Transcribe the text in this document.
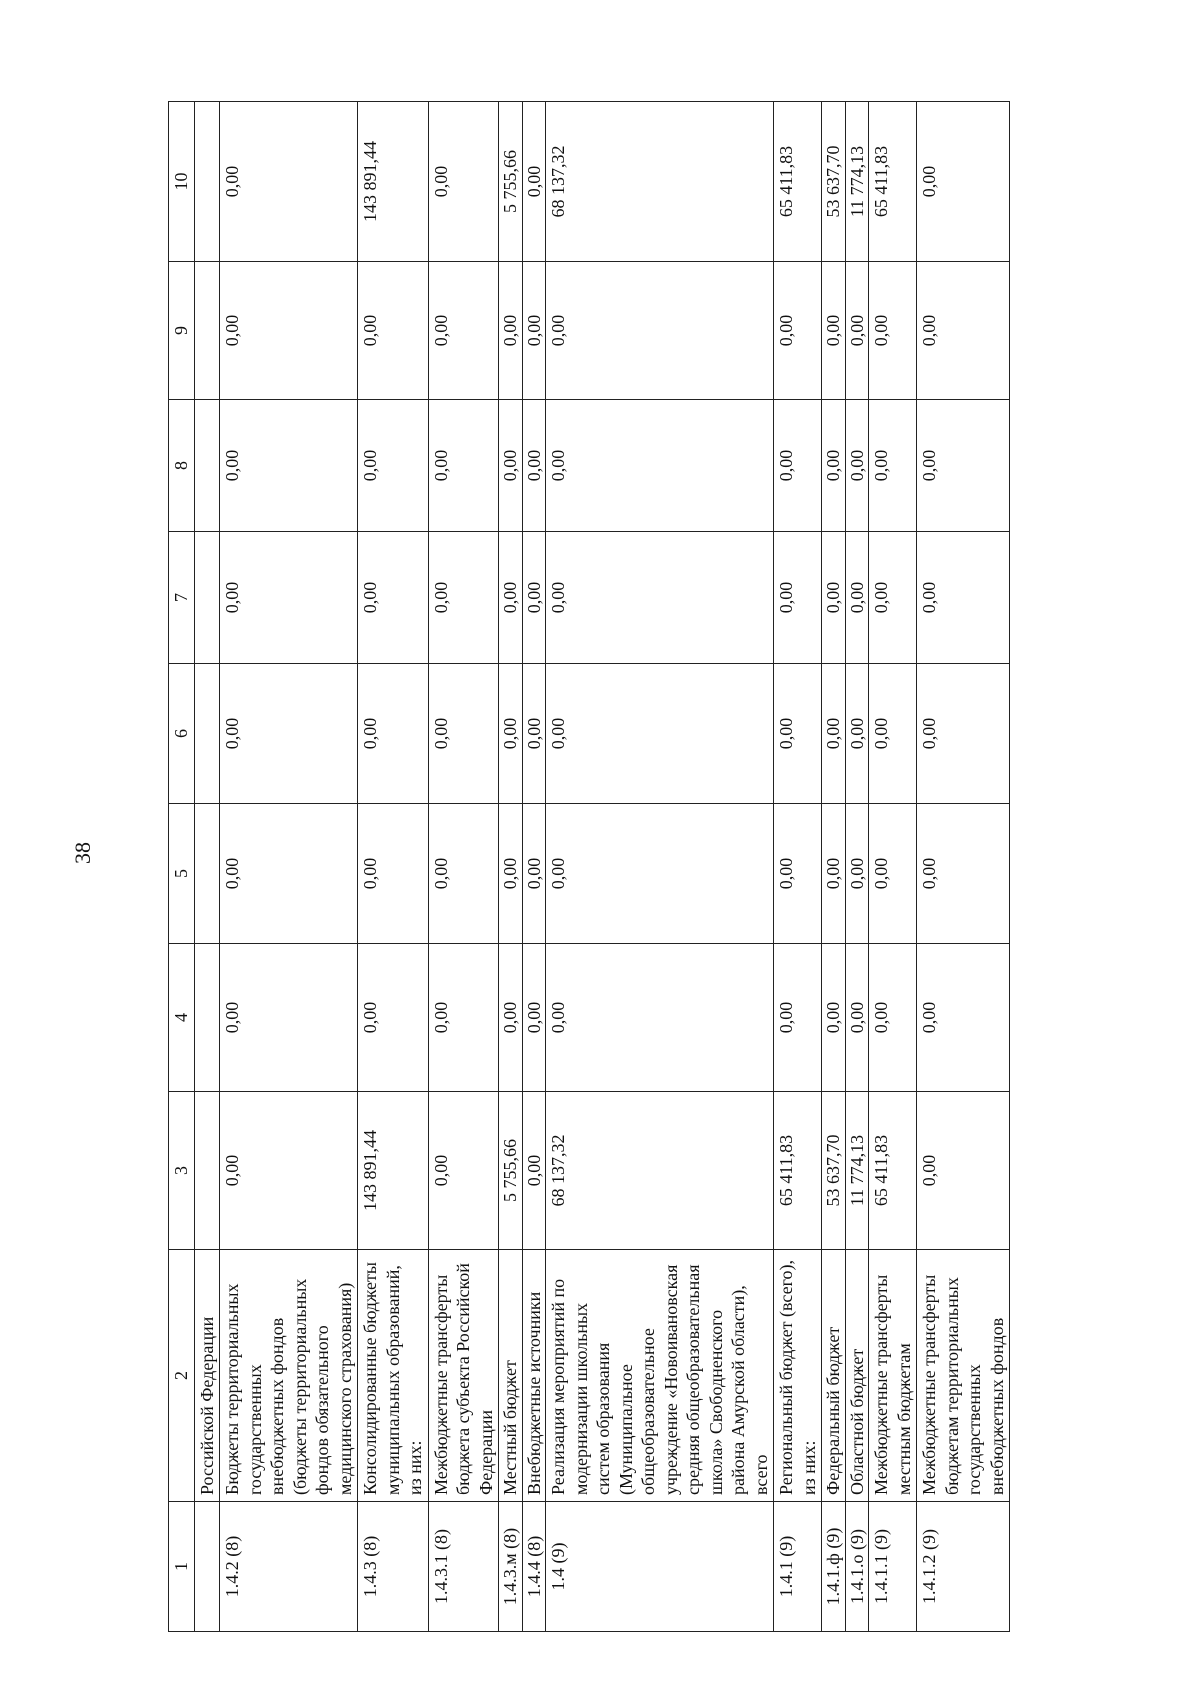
38
1	2	3	4	5	6	7	8	9	10
	Российской Федерации								
1.4.2 (8)	Бюджеты территориальных государственных внебюджетных фондов (бюджеты территориальных фондов обязательного медицинского страхования)	0,00	0,00	0,00	0,00	0,00	0,00	0,00	0,00
1.4.3 (8)	Консолидированные бюджеты муниципальных образований, из них:	143 891,44	0,00	0,00	0,00	0,00	0,00	0,00	143 891,44
1.4.3.1 (8)	Межбюджетные трансферты бюджета субъекта Российской Федерации	0,00	0,00	0,00	0,00	0,00	0,00	0,00	0,00
1.4.3.м (8)	Местный бюджет	5 755,66	0,00	0,00	0,00	0,00	0,00	0,00	5 755,66
1.4.4 (8)	Внебюджетные источники	0,00	0,00	0,00	0,00	0,00	0,00	0,00	0,00
1.4 (9)	Реализация мероприятий по модернизации школьных систем образования (Муниципальное общеобразовательное учреждение «Новоивановская средняя общеобразовательная школа» Свободненского района Амурской области), всего	68 137,32	0,00	0,00	0,00	0,00	0,00	0,00	68 137,32
1.4.1 (9)	Региональный бюджет (всего), из них:	65 411,83	0,00	0,00	0,00	0,00	0,00	0,00	65 411,83
1.4.1.ф (9)	Федеральный бюджет	53 637,70	0,00	0,00	0,00	0,00	0,00	0,00	53 637,70
1.4.1.о (9)	Областной бюджет	11 774,13	0,00	0,00	0,00	0,00	0,00	0,00	11 774,13
1.4.1.1 (9)	Межбюджетные трансферты местным бюджетам	65 411,83	0,00	0,00	0,00	0,00	0,00	0,00	65 411,83
1.4.1.2 (9)	Межбюджетные трансферты бюджетам территориальных государственных внебюджетных фондов	0,00	0,00	0,00	0,00	0,00	0,00	0,00	0,00
